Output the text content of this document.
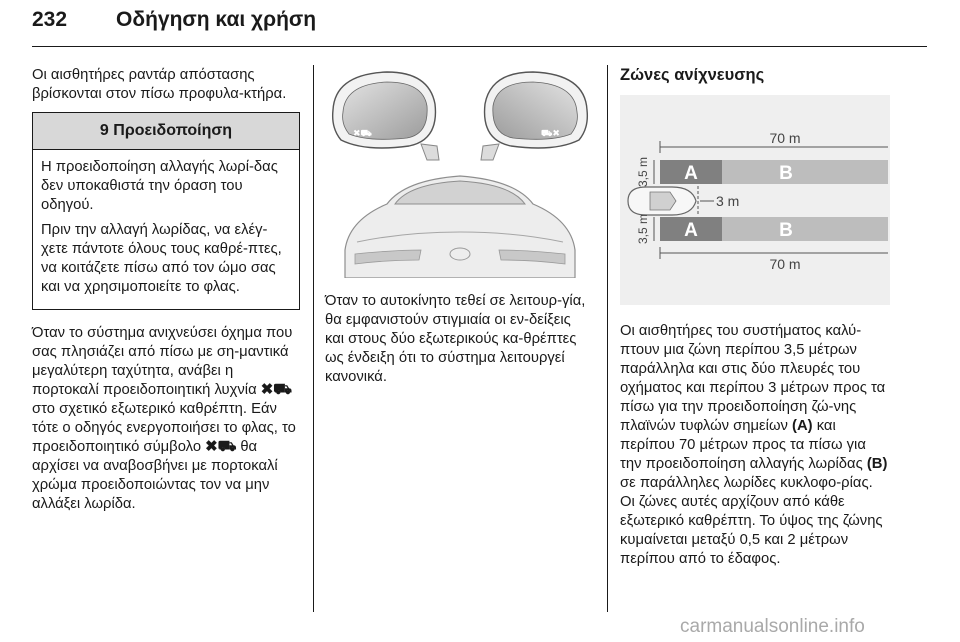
232 Οδήγηση και χρήση

Οι αισθητήρες ραντάρ απόστασης βρίσκονται στον πίσω προφυλα-κτήρα.

9 Προειδοποίηση

Η προειδοποίηση αλλαγής λωρί-δας δεν υποκαθιστά την όραση του οδηγού.

Πριν την αλλαγή λωρίδας, να ελέγ-χετε πάντοτε όλους τους καθρέ-πτες, να κοιτάζετε πίσω από τον ώμο σας και να χρησιμοποιείτε το φλας.

Όταν το σύστημα ανιχνεύσει όχημα που σας πλησιάζει από πίσω με ση-μαντικά μεγαλύτερη ταχύτητα, ανάβει η πορτοκαλί προειδοποιητική λυχνία ✖⛟ στο σχετικό εξωτερικό καθρέπτη. Εάν τότε ο οδηγός ενεργοποιήσει το φλας, το προειδοποιητικό σύμβολο ✖⛟ θα αρχίσει να αναβοσβήνει με πορτοκαλί χρώμα προειδοποιώντας τον να μην αλλάξει λωρίδα.

✖⛟	⛟✖

Όταν το αυτοκίνητο τεθεί σε λειτουρ-γία, θα εμφανιστούν στιγμιαία οι εν-δείξεις και στους δύο εξωτερικούς κα-θρέπτες ως ένδειξη ότι το σύστημα λειτουργεί κανονικά.

Ζώνες ανίχνευσης

A	B
A	B
70 m
70 m
3,5 m
3,5 m
3 m

Οι αισθητήρες του συστήματος καλύ-πτουν μια ζώνη περίπου 3,5 μέτρων παράλληλα και στις δύο πλευρές του οχήματος και περίπου 3 μέτρων προς τα πίσω για την προειδοποίηση ζώ-νης πλαϊνών τυφλών σημείων (A) και περίπου 70 μέτρων προς τα πίσω για την προειδοποίηση αλλαγής λωρίδας (B) σε παράλληλες λωρίδες κυκλοφο-ρίας. Οι ζώνες αυτές αρχίζουν από κάθε εξωτερικό καθρέπτη. Το ύψος της ζώνης κυμαίνεται μεταξύ 0,5 και 2 μέτρων περίπου από το έδαφος.

carmanualsonline.info
